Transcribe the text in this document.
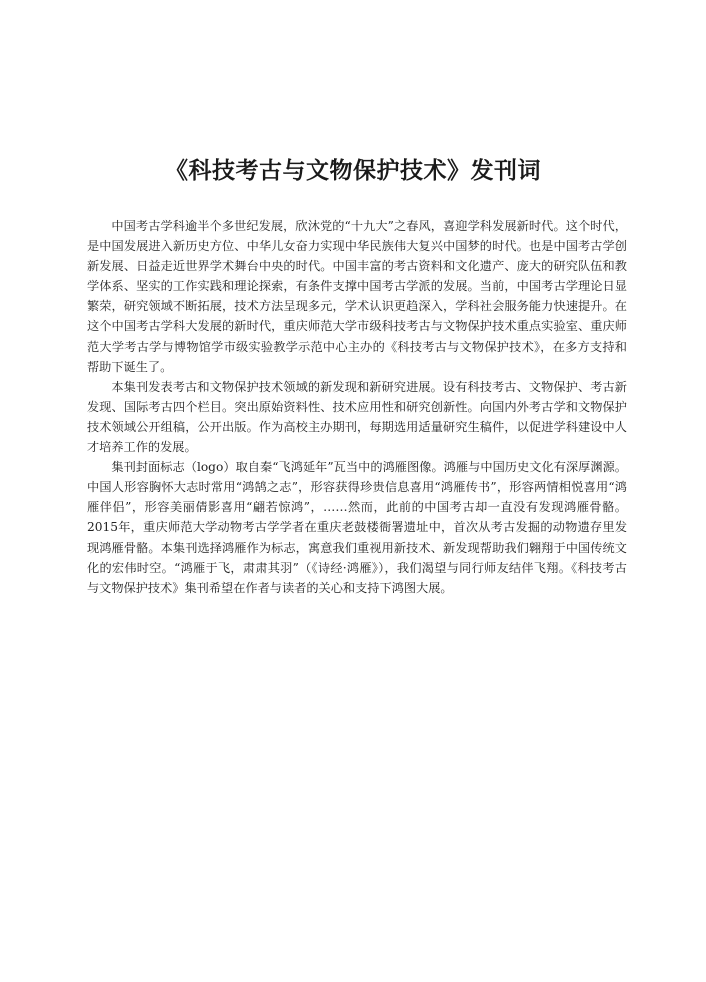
《科技考古与文物保护技术》发刊词

中国考古学科逾半个多世纪发展，欣沐党的“十九大”之春风，喜迎学科发展新时代。这个时代，是中国发展进入新历史方位、中华儿女奋力实现中华民族伟大复兴中国梦的时代。也是中国考古学创新发展、日益走近世界学术舞台中央的时代。中国丰富的考古资料和文化遗产、庞大的研究队伍和教学体系、坚实的工作实践和理论探索，有条件支撑中国考古学派的发展。当前，中国考古学理论日显繁荣，研究领域不断拓展，技术方法呈现多元，学术认识更趋深入，学科社会服务能力快速提升。在这个中国考古学科大发展的新时代，重庆师范大学市级科技考古与文物保护技术重点实验室、重庆师范大学考古学与博物馆学市级实验教学示范中心主办的《科技考古与文物保护技术》，在多方支持和帮助下诞生了。

本集刊发表考古和文物保护技术领域的新发现和新研究进展。设有科技考古、文物保护、考古新发现、国际考古四个栏目。突出原始资料性、技术应用性和研究创新性。向国内外考古学和文物保护技术领域公开组稿，公开出版。作为高校主办期刊，每期选用适量研究生稿件，以促进学科建设中人才培养工作的发展。

集刊封面标志（logo）取自秦“飞鸿延年”瓦当中的鸿雁图像。鸿雁与中国历史文化有深厚渊源。中国人形容胸怀大志时常用“鸿鹄之志”，形容获得珍贵信息喜用“鸿雁传书”，形容两情相悦喜用“鸿雁伴侣”，形容美丽倩影喜用“翩若惊鸿”，……然而，此前的中国考古却一直没有发现鸿雁骨骼。2015年，重庆师范大学动物考古学学者在重庆老鼓楼衙署遗址中，首次从考古发掘的动物遗存里发现鸿雁骨骼。本集刊选择鸿雁作为标志，寓意我们重视用新技术、新发现帮助我们翱翔于中国传统文化的宏伟时空。“鸿雁于飞，肃肃其羽”（《诗经·鸿雁》），我们渴望与同行师友结伴飞翔。《科技考古与文物保护技术》集刊希望在作者与读者的关心和支持下鸿图大展。
